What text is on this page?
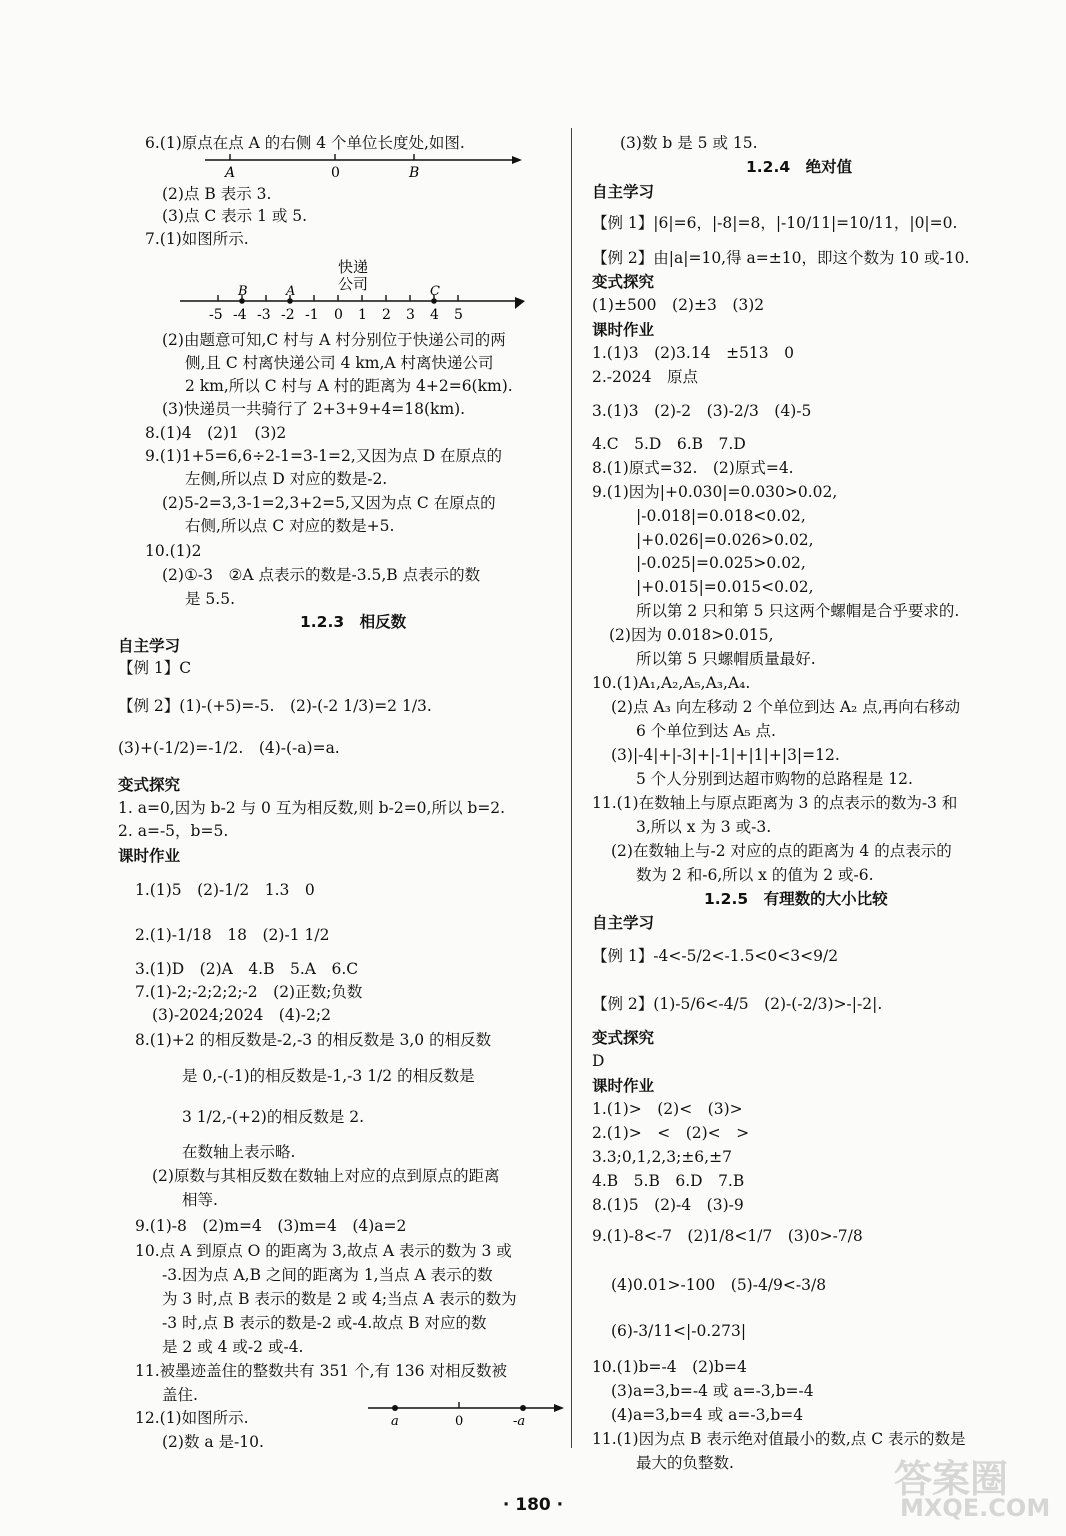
6.(1)原点在点 A 的右侧 4 个单位长度处,如图.
(2)点 B 表示 3.
(3)点 C 表示 1 或 5.
7.(1)如图所示.
(2)由题意可知,C 村与 A 村分别位于快递公司的两
侧,且 C 村离快递公司 4 km,A 村离快递公司
2 km,所以 C 村与 A 村的距离为 4+2=6(km).
(3)快递员一共骑行了 2+3+9+4=18(km).
8.(1)4　(2)1　(3)2
9.(1)1+5=6,6÷2-1=3-1=2,又因为点 D 在原点的
左侧,所以点 D 对应的数是-2.
(2)5-2=3,3-1=2,3+2=5,又因为点 C 在原点的
右侧,所以点 C 对应的数是+5.
10.(1)2
(2)①-3　②A 点表示的数是-3.5,B 点表示的数
是 5.5.
1.2.3　相反数
自主学习
【例 1】C
【例 2】(1)-(+5)=-5.　(2)-(-2 1/3)=2 1/3.
(3)+(-1/2)=-1/2.　(4)-(-a)=a.
变式探究
1. a=0,因为 b-2 与 0 互为相反数,则 b-2=0,所以 b=2.
2. a=-5，b=5.
课时作业
1.(1)5　(2)-1/2　1.3　0
2.(1)-1/18　18　(2)-1 1/2
3.(1)D　(2)A　4.B　5.A　6.C
7.(1)-2;-2;2;2;-2　(2)正数;负数
(3)-2024;2024　(4)-2;2
8.(1)+2 的相反数是-2,-3 的相反数是 3,0 的相反数
是 0,-(-1)的相反数是-1,-3 1/2 的相反数是
3 1/2,-(+2)的相反数是 2.
在数轴上表示略.
(2)原数与其相反数在数轴上对应的点到原点的距离
相等.
9.(1)-8　(2)m=4　(3)m=4　(4)a=2
10.点 A 到原点 O 的距离为 3,故点 A 表示的数为 3 或
-3.因为点 A,B 之间的距离为 1,当点 A 表示的数
为 3 时,点 B 表示的数是 2 或 4;当点 A 表示的数为
-3 时,点 B 表示的数是-2 或-4.故点 B 对应的数
是 2 或 4 或-2 或-4.
11.被墨迹盖住的整数共有 351 个,有 136 对相反数被
盖住.
12.(1)如图所示.
(2)数 a 是-10.
(3)数 b 是 5 或 15.
1.2.4　绝对值
自主学习
【例 1】|6|=6，|-8|=8，|-10/11|=10/11，|0|=0.
【例 2】由|a|=10,得 a=±10，即这个数为 10 或-10.
变式探究
(1)±500　(2)±3　(3)2
课时作业
1.(1)3　(2)3.14　±513　0
2.-2024　原点
3.(1)3　(2)-2　(3)-2/3　(4)-5
4.C　5.D　6.B　7.D
8.(1)原式=32.　(2)原式=4.
9.(1)因为|+0.030|=0.030>0.02,
|-0.018|=0.018<0.02,
|+0.026|=0.026>0.02,
|-0.025|=0.025>0.02,
|+0.015|=0.015<0.02,
所以第 2 只和第 5 只这两个螺帽是合乎要求的.
(2)因为 0.018>0.015,
所以第 5 只螺帽质量最好.
10.(1)A₁,A₂,A₅,A₃,A₄.
(2)点 A₃ 向左移动 2 个单位到达 A₂ 点,再向右移动
6 个单位到达 A₅ 点.
(3)|-4|+|-3|+|-1|+|1|+|3|=12.
5 个人分别到达超市购物的总路程是 12.
11.(1)在数轴上与原点距离为 3 的点表示的数为-3 和
3,所以 x 为 3 或-3.
(2)在数轴上与-2 对应的点的距离为 4 的点表示的
数为 2 和-6,所以 x 的值为 2 或-6.
1.2.5　有理数的大小比较
自主学习
【例 1】-4<-5/2<-1.5<0<3<9/2
【例 2】(1)-5/6<-4/5　(2)-(-2/3)>-|-2|.
变式探究
D
课时作业
1.(1)>　(2)<　(3)>
2.(1)>　<　(2)<　>
3.3;0,1,2,3;±6,±7
4.B　5.B　6.D　7.B
8.(1)5　(2)-4　(3)-9
9.(1)-8<-7　(2)1/8<1/7　(3)0>-7/8
(4)0.01>-100　(5)-4/9<-3/8
(6)-3/11<|-0.273|
10.(1)b=-4　(2)b=4
(3)a=3,b=-4 或 a=-3,b=-4
(4)a=3,b=4 或 a=-3,b=4
11.(1)因为点 B 表示绝对值最小的数,点 C 表示的数是
最大的负整数.
A	0	B
快递
公司
-5 -4 -3 -2 -1 0 1 2 3 4 5
B	A	C
a	0	-a
· 180 ·
答案圈
MXQE.COM
